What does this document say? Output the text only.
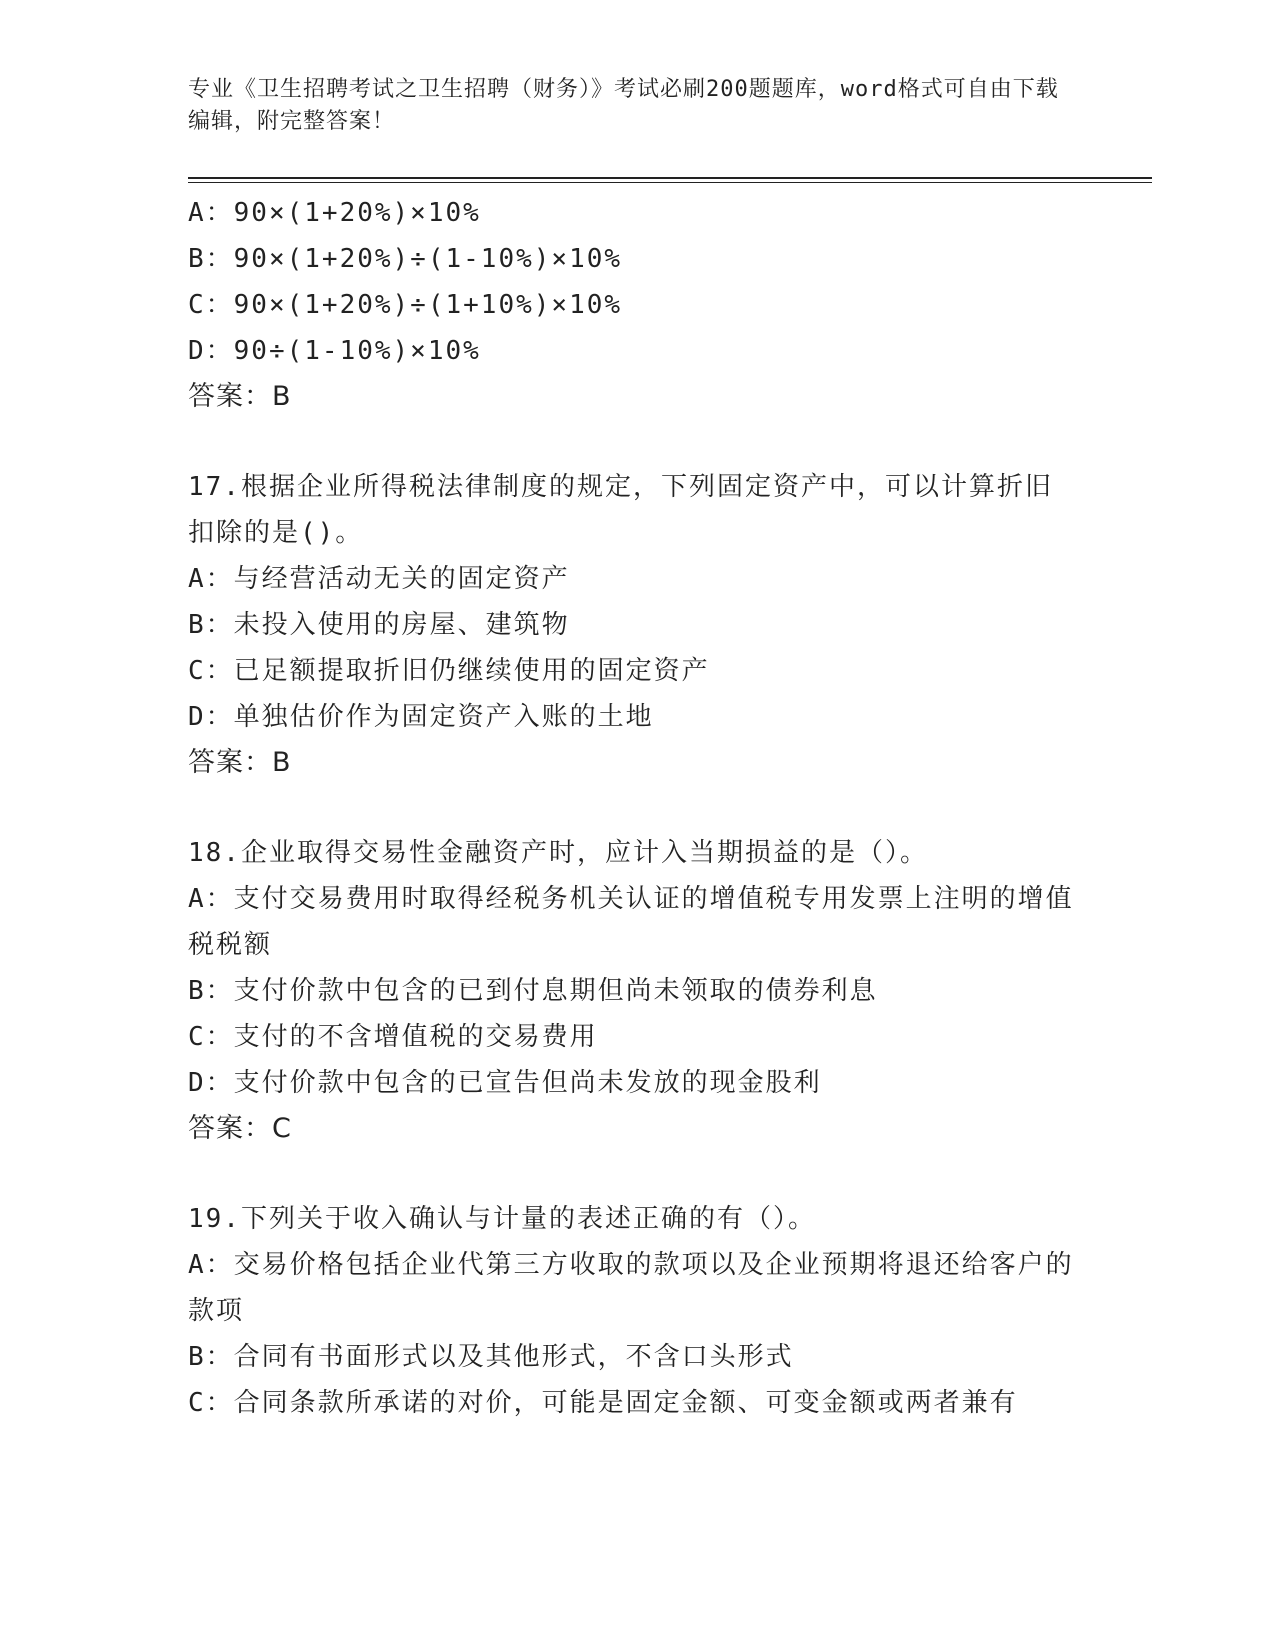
专业《卫生招聘考试之卫生招聘（财务）》考试必刷200题题库，word格式可自由下载编辑，附完整答案！
A：90×(1+20%)×10%
B：90×(1+20%)÷(1-10%)×10%
C：90×(1+20%)÷(1+10%)×10%
D：90÷(1-10%)×10%
答案：B
17.根据企业所得税法律制度的规定，下列固定资产中，可以计算折旧扣除的是()。
A：与经营活动无关的固定资产
B：未投入使用的房屋、建筑物
C：已足额提取折旧仍继续使用的固定资产
D：单独估价作为固定资产入账的土地
答案：B
18.企业取得交易性金融资产时，应计入当期损益的是（）。
A：支付交易费用时取得经税务机关认证的增值税专用发票上注明的增值税税额
B：支付价款中包含的已到付息期但尚未领取的债券利息
C：支付的不含增值税的交易费用
D：支付价款中包含的已宣告但尚未发放的现金股利
答案：C
19.下列关于收入确认与计量的表述正确的有（）。
A：交易价格包括企业代第三方收取的款项以及企业预期将退还给客户的款项
B：合同有书面形式以及其他形式，不含口头形式
C：合同条款所承诺的对价，可能是固定金额、可变金额或两者兼有
